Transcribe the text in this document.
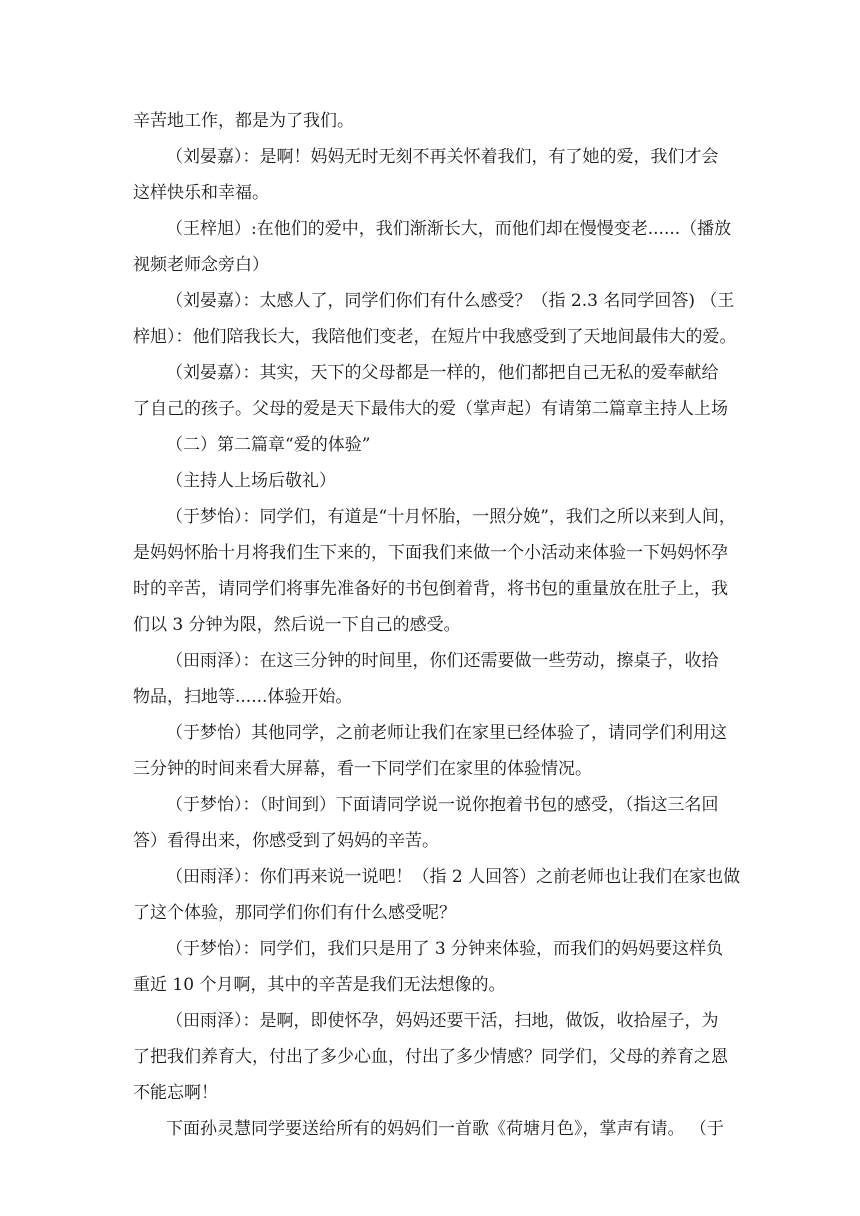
辛苦地工作，都是为了我们。
（刘晏嘉）：是啊！妈妈无时无刻不再关怀着我们，有了她的爱，我们才会
这样快乐和幸福。
（王梓旭）:在他们的爱中，我们渐渐长大，而他们却在慢慢变老......（播放
视频老师念旁白）
（刘晏嘉）：太感人了，同学们你们有什么感受？（指 2.3 名同学回答) （王
梓旭）：他们陪我长大，我陪他们变老，在短片中我感受到了天地间最伟大的爱。
（刘晏嘉）：其实，天下的父母都是一样的，他们都把自己无私的爱奉献给
了自己的孩子。父母的爱是天下最伟大的爱（掌声起）有请第二篇章主持人上场
（二）第二篇章“爱的体验”
（主持人上场后敬礼）
（于梦怡）：同学们，有道是“十月怀胎，一照分娩”，我们之所以来到人间，
是妈妈怀胎十月将我们生下来的，下面我们来做一个小活动来体验一下妈妈怀孕
时的辛苦，请同学们将事先准备好的书包倒着背，将书包的重量放在肚子上，我
们以 3 分钟为限，然后说一下自己的感受。
（田雨泽）：在这三分钟的时间里，你们还需要做一些劳动，擦桌子，收拾
物品，扫地等......体验开始。
（于梦怡）其他同学，之前老师让我们在家里已经体验了，请同学们利用这
三分钟的时间来看大屏幕，看一下同学们在家里的体验情况。
（于梦怡）：（时间到）下面请同学说一说你抱着书包的感受，（指这三名回
答）看得出来，你感受到了妈妈的辛苦。
（田雨泽）：你们再来说一说吧！（指 2 人回答）之前老师也让我们在家也做
了这个体验，那同学们你们有什么感受呢？
（于梦怡）：同学们，我们只是用了 3 分钟来体验，而我们的妈妈要这样负
重近 10 个月啊，其中的辛苦是我们无法想像的。
（田雨泽）：是啊，即使怀孕，妈妈还要干活，扫地，做饭，收拾屋子，为
了把我们养育大，付出了多少心血，付出了多少情感？同学们，父母的养育之恩
不能忘啊！
下面孙灵慧同学要送给所有的妈妈们一首歌《荷塘月色》，掌声有请。 （于
